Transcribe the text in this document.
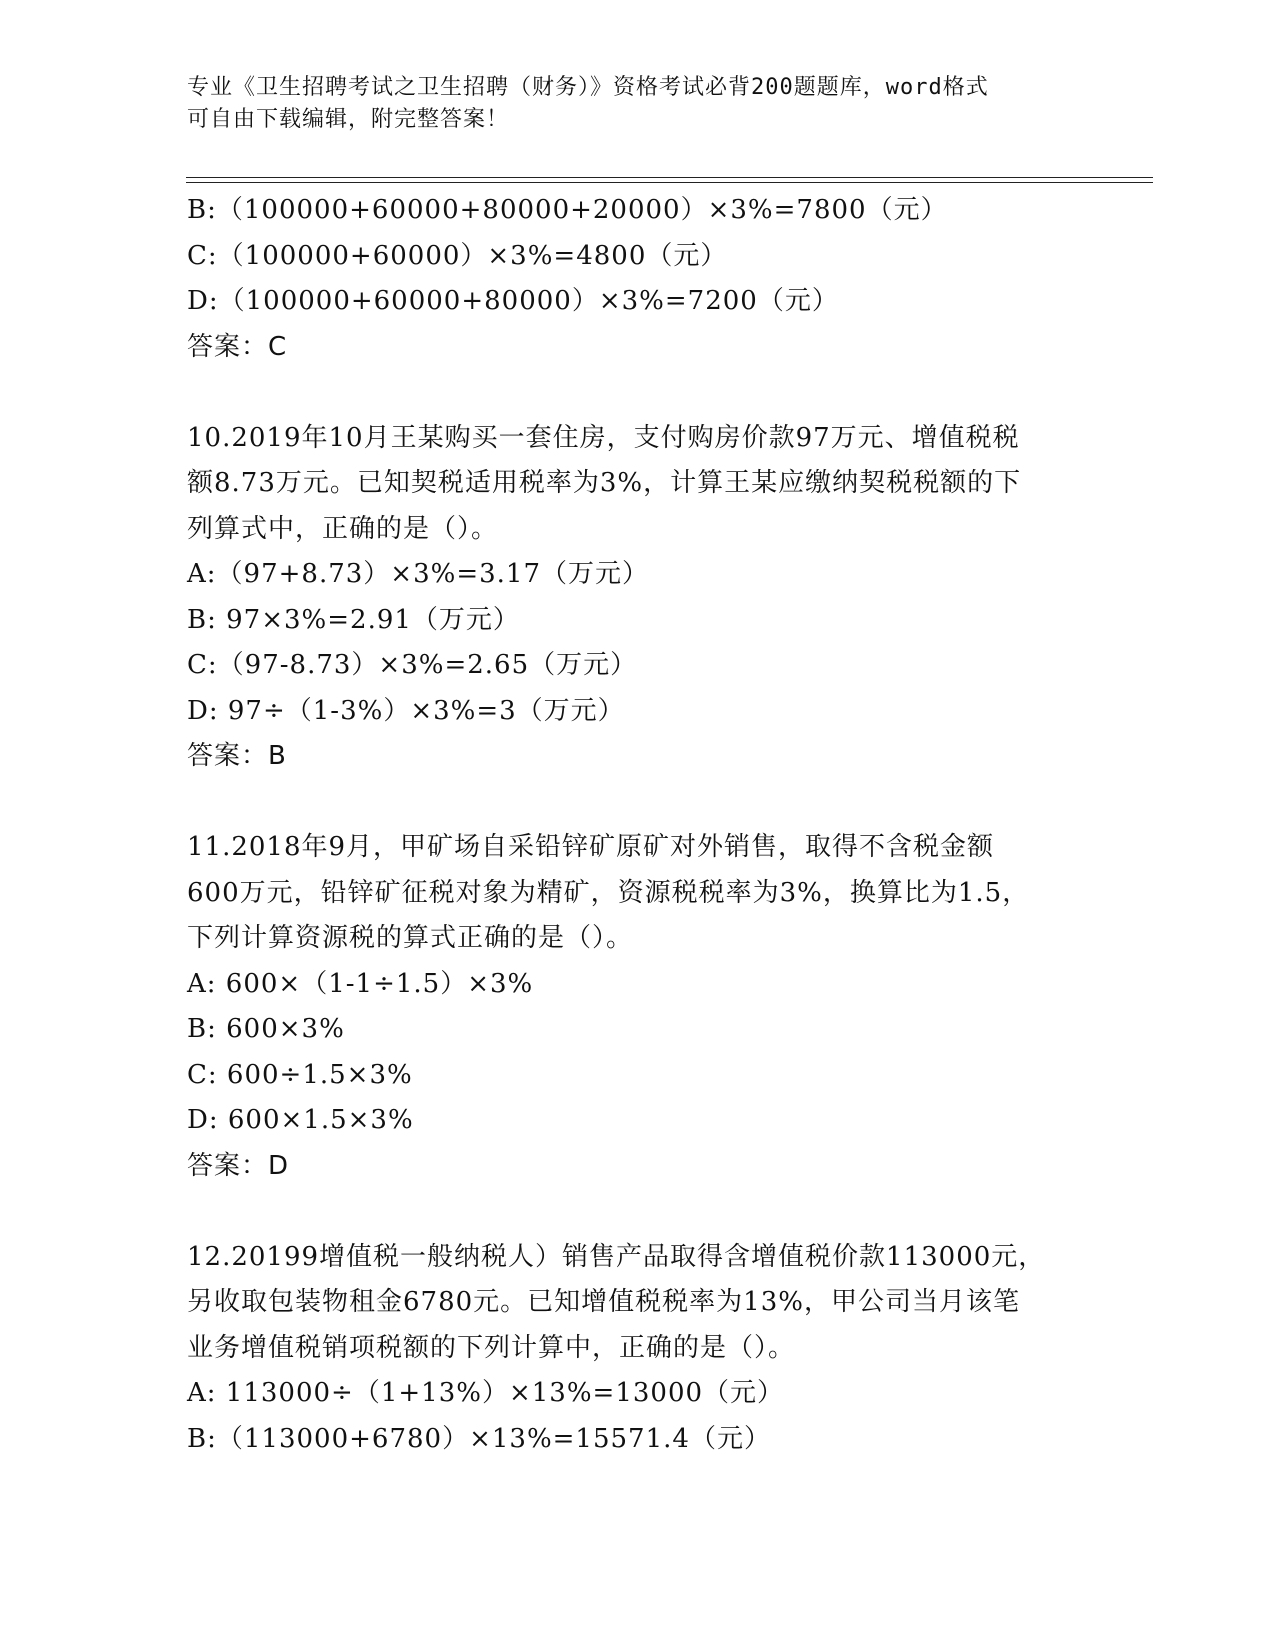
专业《卫生招聘考试之卫生招聘（财务）》资格考试必背200题题库，word格式
可自由下载编辑，附完整答案！
B:（100000+60000+80000+20000）×3%=7800（元）
C:（100000+60000）×3%=4800（元）
D:（100000+60000+80000）×3%=7200（元）
答案：C
10.2019年10月王某购买一套住房，支付购房价款97万元、增值税税
额8.73万元。已知契税适用税率为3%，计算王某应缴纳契税税额的下
列算式中，正确的是（）。
A:（97+8.73）×3%=3.17（万元）
B: 97×3%=2.91（万元）
C:（97-8.73）×3%=2.65（万元）
D: 97÷（1-3%）×3%=3（万元）
答案：B
11.2018年9月，甲矿场自采铅锌矿原矿对外销售，取得不含税金额
600万元，铅锌矿征税对象为精矿，资源税税率为3%，换算比为1.5，
下列计算资源税的算式正确的是（）。
A: 600×（1-1÷1.5）×3%
B: 600×3%
C: 600÷1.5×3%
D: 600×1.5×3%
答案：D
12.20199增值税一般纳税人）销售产品取得含增值税价款113000元，
另收取包装物租金6780元。已知增值税税率为13%，甲公司当月该笔
业务增值税销项税额的下列计算中，正确的是（）。
A: 113000÷（1+13%）×13%=13000（元）
B:（113000+6780）×13%=15571.4（元）
